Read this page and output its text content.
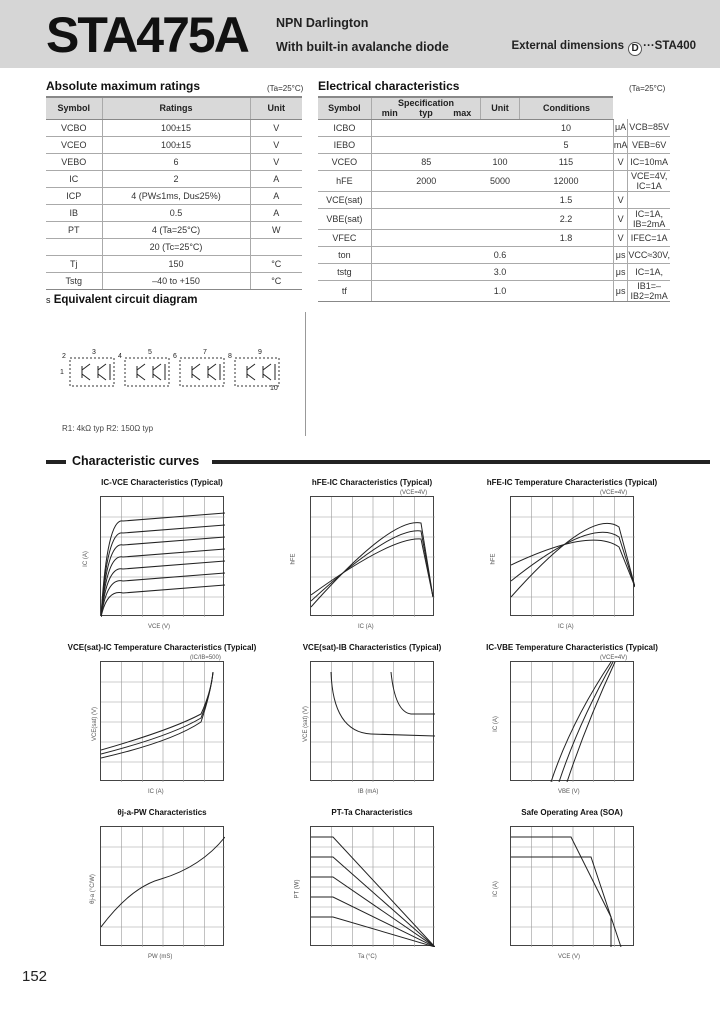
STA475A NPN Darlington
With built-in avalanche diode	External dimensions D ···STA400
Absolute maximum ratings	(Ta=25°C)
Symbol	Ratings	Unit
VCBO	100±15	V
VCEO	100±15	V
VEBO	6	V
IC	2	A
ICP	4 (PW≤1ms, Du≤25%)	A
IB	0.5	A
PT	4 (Ta=25°C)	W
	20 (Tc=25°C)	
Tj	150	°C
Tstg	–40 to +150	°C
Electrical characteristics	(Ta=25°C)
Symbol	Specification
min typ max	Unit	Conditions		
ICBO			10	μA	VCB=85V
IEBO			5	mA	VEB=6V
VCEO	85	100	115	V	IC=10mA
hFE	2000	5000	12000		VCE=4V, IC=1A
VCE(sat)			1.5	V	
VBE(sat)			2.2	V	IC=1A, IB=2mA
VFEC			1.8	V	IFEC=1A
ton		0.6		μs	VCC≈30V,
tstg		3.0		μs	IC=1A,
tf		1.0		μs	IB1=–IB2=2mA
s Equivalent circuit diagram
1
2
3
4
5
6
7
8
9
10
R1: 4kΩ typ R2: 150Ω typ
Characteristic curves
IC-VCE Characteristics (Typical)
VCE (V)
IC (A)
hFE-IC Characteristics (Typical)
IC (A)
hFE
(VCE=4V)
hFE-IC Temperature Characteristics (Typical)
IC (A)
hFE
(VCE=4V)
VCE(sat)-IC Temperature Characteristics (Typical)
IC (A)
VCE(sat) (V)
(IC/IB=500)
VCE(sat)-IB Characteristics (Typical)
IB (mA)
VCE (sat) (V)
IC-VBE Temperature Characteristics (Typical)
VBE (V)
IC (A)
(VCE=4V)
θj-a-PW Characteristics
PW (mS)
θj-a (°C/W)
PT-Ta Characteristics
Ta (°C)
PT (W)
Safe Operating Area (SOA)
VCE (V)
IC (A)
152
